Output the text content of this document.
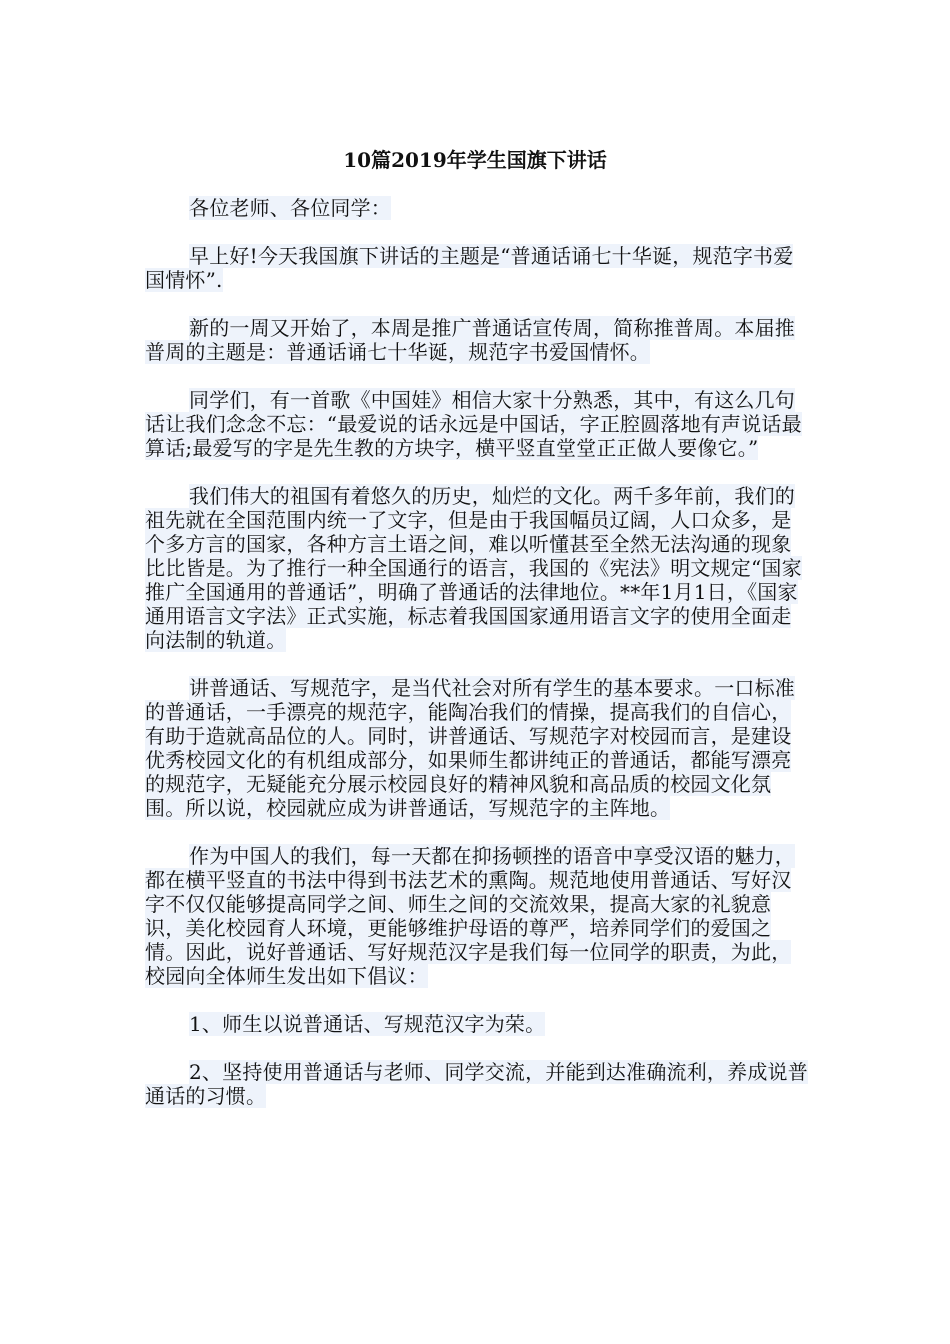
10篇2019年学生国旗下讲话

各位老师、各位同学：

早上好!今天我国旗下讲话的主题是“普通话诵七十华诞，规范字书爱国情怀”.

新的一周又开始了，本周是推广普通话宣传周，简称推普周。本届推普周的主题是：普通话诵七十华诞，规范字书爱国情怀。

同学们，有一首歌《中国娃》相信大家十分熟悉，其中，有这么几句话让我们念念不忘：“最爱说的话永远是中国话，字正腔圆落地有声说话最算话;最爱写的字是先生教的方块字，横平竖直堂堂正正做人要像它。”

我们伟大的祖国有着悠久的历史，灿烂的文化。两千多年前，我们的祖先就在全国范围内统一了文字，但是由于我国幅员辽阔，人口众多，是个多方言的国家，各种方言土语之间，难以听懂甚至全然无法沟通的现象比比皆是。为了推行一种全国通行的语言，我国的《宪法》明文规定“国家推广全国通用的普通话”，明确了普通话的法律地位。**年1月1日，《国家通用语言文字法》正式实施，标志着我国国家通用语言文字的使用全面走向法制的轨道。

讲普通话、写规范字，是当代社会对所有学生的基本要求。一口标准的普通话，一手漂亮的规范字，能陶冶我们的情操，提高我们的自信心，有助于造就高品位的人。同时，讲普通话、写规范字对校园而言，是建设优秀校园文化的有机组成部分，如果师生都讲纯正的普通话，都能写漂亮的规范字，无疑能充分展示校园良好的精神风貌和高品质的校园文化氛围。所以说，校园就应成为讲普通话，写规范字的主阵地。

作为中国人的我们，每一天都在抑扬顿挫的语音中享受汉语的魅力，都在横平竖直的书法中得到书法艺术的熏陶。规范地使用普通话、写好汉字不仅仅能够提高同学之间、师生之间的交流效果，提高大家的礼貌意识，美化校园育人环境，更能够维护母语的尊严，培养同学们的爱国之情。因此，说好普通话、写好规范汉字是我们每一位同学的职责，为此，校园向全体师生发出如下倡议：

1、师生以说普通话、写规范汉字为荣。

2、坚持使用普通话与老师、同学交流，并能到达准确流利，养成说普通话的习惯。
